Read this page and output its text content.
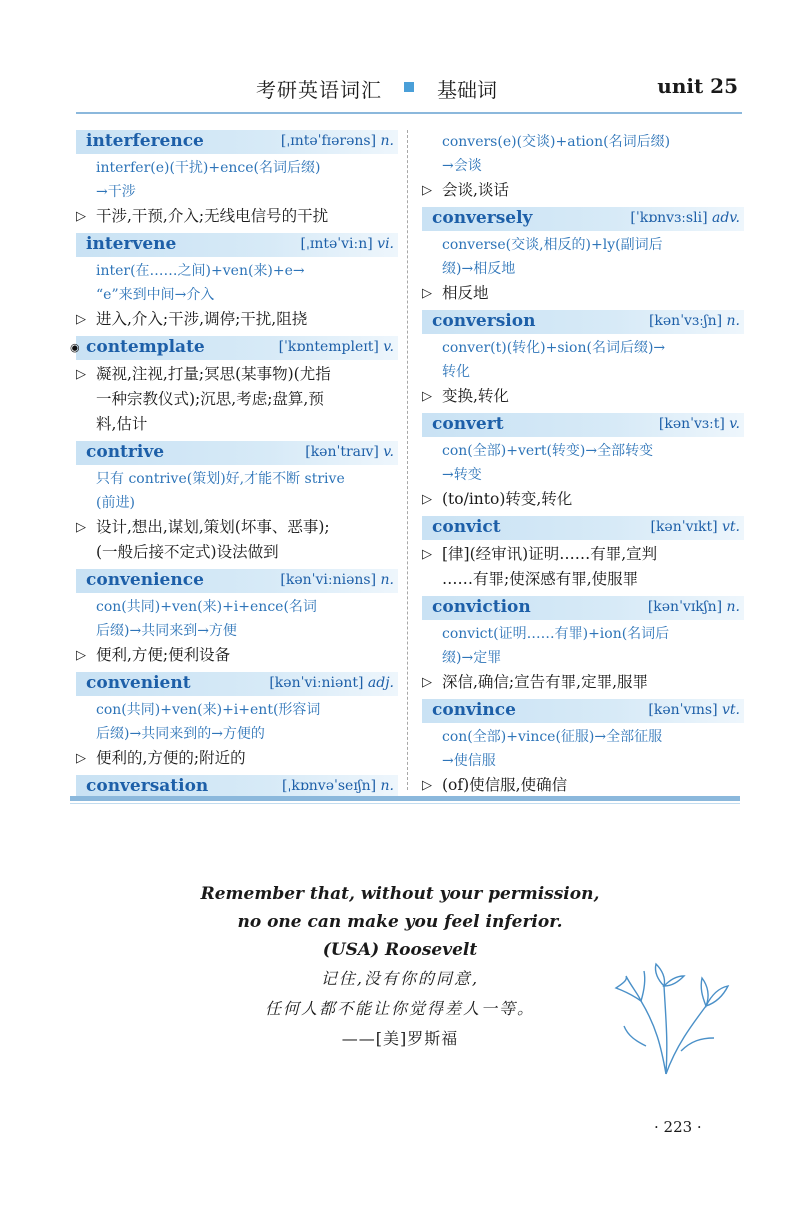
考研英语词汇	基础词	unit 25
interference	[ˌɪntəˈfɪərəns] n.

interfer(e)(干扰)+ence(名词后缀)

→干涉

▷ 干涉,干预,介入;无线电信号的干扰
intervene	[ˌɪntəˈviːn] vi.

inter(在……之间)+ven(来)+e→

“e”来到中间→介入

▷ 进入,介入;干涉,调停;干扰,阻挠
◉ contemplate	[ˈkɒntempleɪt] v.
▷ 凝视,注视,打量;冥思(某事物)(尤指
一种宗教仪式);沉思,考虑;盘算,预
料,估计
contrive	[kənˈtraɪv] v.

只有 contrive(策划)好,才能不断 strive

(前进)

▷ 设计,想出,谋划,策划(坏事、恶事);
(一般后接不定式)设法做到
convenience	[kənˈviːniəns] n.

con(共同)+ven(来)+i+ence(名词

后缀)→共同来到→方便

▷ 便利,方便;便利设备
convenient	[kənˈviːniənt] adj.

con(共同)+ven(来)+i+ent(形容词

后缀)→共同来到的→方便的

▷ 便利的,方便的;附近的
conversation	[ˌkɒnvəˈseɪʃn] n.

convers(e)(交谈)+ation(名词后缀)

→会谈

▷ 会谈,谈话
conversely	[ˈkɒnvɜːsli] adv.

converse(交谈,相反的)+ly(副词后

缀)→相反地

▷ 相反地
conversion	[kənˈvɜːʃn] n.

conver(t)(转化)+sion(名词后缀)→

转化

▷ 变换,转化
convert	[kənˈvɜːt] v.

con(全部)+vert(转变)→全部转变

→转变

▷ (to/into)转变,转化
convict	[kənˈvɪkt] vt.
▷ [律](经审讯)证明……有罪,宣判
……有罪;使深感有罪,使服罪
conviction	[kənˈvɪkʃn] n.

convict(证明……有罪)+ion(名词后

缀)→定罪

▷ 深信,确信;宣告有罪,定罪,服罪
convince	[kənˈvɪns] vt.

con(全部)+vince(征服)→全部征服

→使信服

▷ (of)使信服,使确信
Remember that, without your permission,
no one can make you feel inferior.
(USA) Roosevelt
记住,没有你的同意,
任何人都不能让你觉得差人一等。
——[美]罗斯福
· 223 ·
